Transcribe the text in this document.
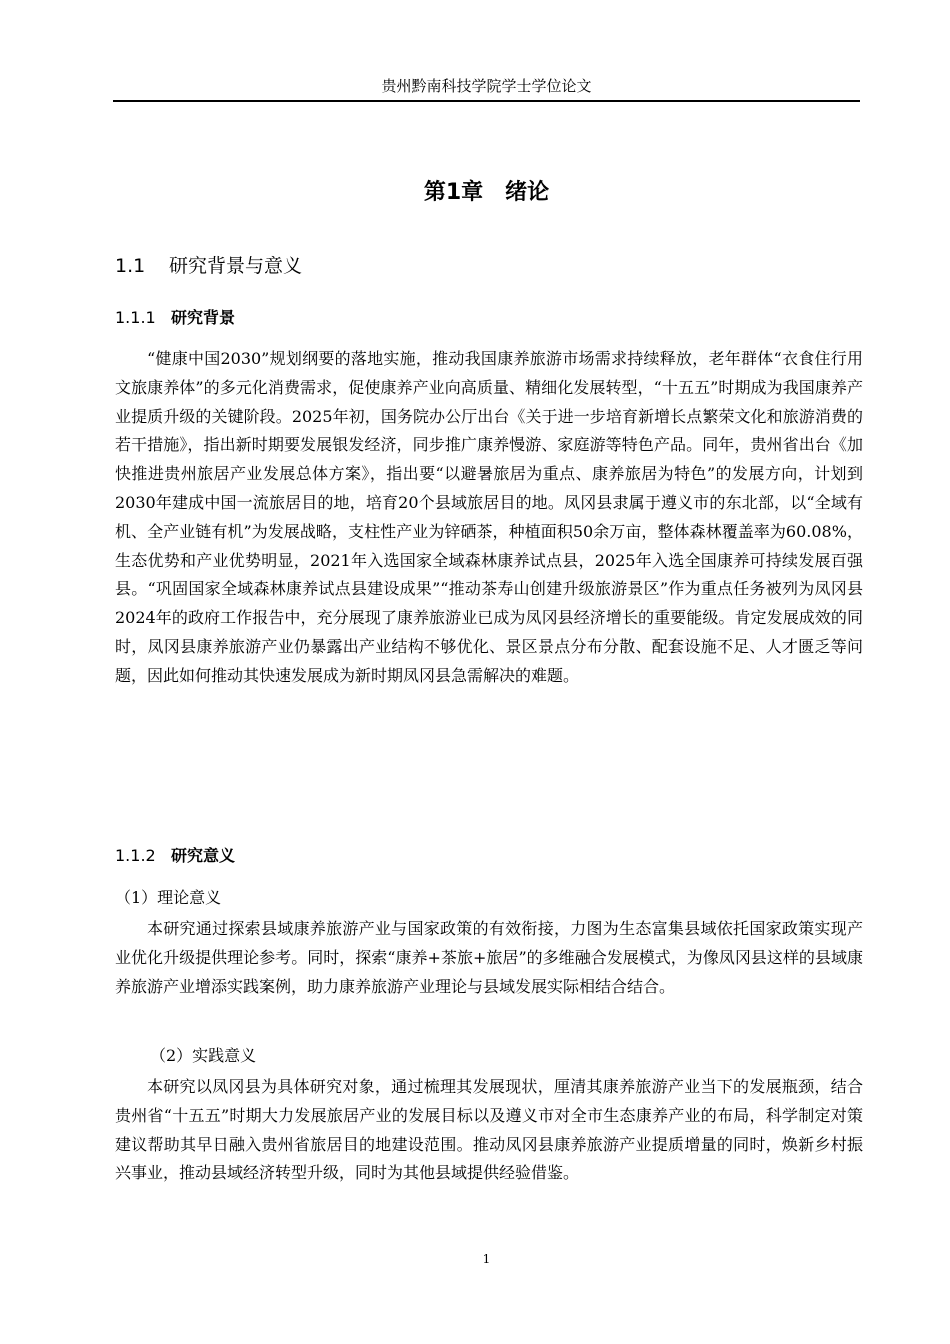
贵州黔南科技学院学士学位论文
第1章　绪论
1.1 研究背景与意义
1.1.1 研究背景

“健康中国2030”规划纲要的落地实施，推动我国康养旅游市场需求持续释放，老年群体“衣食住行用文旅康养体”的多元化消费需求，促使康养产业向高质量、精细化发展转型，“十五五”时期成为我国康养产业提质升级的关键阶段。2025年初，国务院办公厅出台《关于进一步培育新增长点繁荣文化和旅游消费的若干措施》，指出新时期要发展银发经济，同步推广康养慢游、家庭游等特色产品。同年，贵州省出台《加快推进贵州旅居产业发展总体方案》，指出要“以避暑旅居为重点、康养旅居为特色”的发展方向，计划到2030年建成中国一流旅居目的地，培育20个县域旅居目的地。凤冈县隶属于遵义市的东北部，以“全域有机、全产业链有机”为发展战略，支柱性产业为锌硒茶，种植面积50余万亩，整体森林覆盖率为60.08%，生态优势和产业优势明显，2021年入选国家全域森林康养试点县，2025年入选全国康养可持续发展百强县。“巩固国家全域森林康养试点县建设成果”“推动茶寿山创建升级旅游景区”作为重点任务被列为凤冈县2024年的政府工作报告中，充分展现了康养旅游业已成为凤冈县经济增长的重要能级。肯定发展成效的同时，凤冈县康养旅游产业仍暴露出产业结构不够优化、景区景点分布分散、配套设施不足、人才匮乏等问题，因此如何推动其快速发展成为新时期凤冈县急需解决的难题。

1.1.2 研究意义
（1）理论意义

本研究通过探索县域康养旅游产业与国家政策的有效衔接，力图为生态富集县域依托国家政策实现产业优化升级提供理论参考。同时，探索“康养+茶旅+旅居”的多维融合发展模式，为像凤冈县这样的县域康养旅游产业增添实践案例，助力康养旅游产业理论与县域发展实际相结合结合。

（2）实践意义

本研究以凤冈县为具体研究对象，通过梳理其发展现状，厘清其康养旅游产业当下的发展瓶颈，结合贵州省“十五五”时期大力发展旅居产业的发展目标以及遵义市对全市生态康养产业的布局，科学制定对策建议帮助其早日融入贵州省旅居目的地建设范围。推动凤冈县康养旅游产业提质增量的同时，焕新乡村振兴事业，推动县域经济转型升级，同时为其他县域提供经验借鉴。

1
